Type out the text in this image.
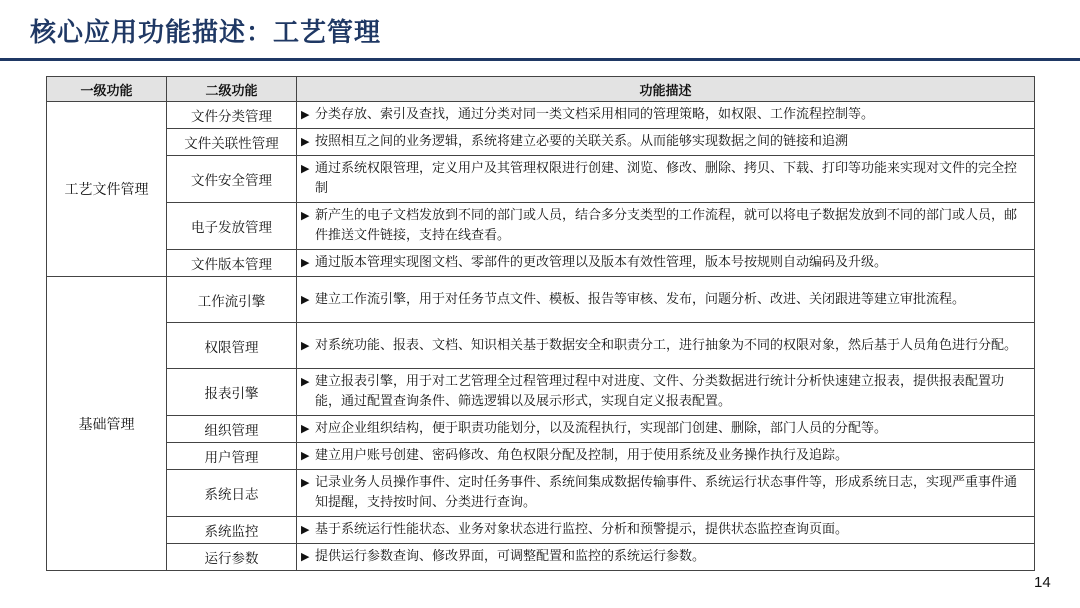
核心应用功能描述：工艺管理
一级功能	二级功能	功能描述
工艺文件管理	文件分类管理	▶ 分类存放、索引及查找，通过分类对同一类文档采用相同的管理策略，如权限、工作流程控制等。

	文件关联性管理	▶ 按照相互之间的业务逻辑，系统将建立必要的关联关系。从而能够实现数据之间的链接和追溯

	文件安全管理	▶ 通过系统权限管理，定义用户及其管理权限进行创建、浏览、修改、删除、拷贝、下载、打印等功能来实现对文件的完全控制

	电子发放管理	▶ 新产生的电子文档发放到不同的部门或人员，结合多分支类型的工作流程，就可以将电子数据发放到不同的部门或人员，邮件推送文件链接，支持在线查看。

	文件版本管理	▶ 通过版本管理实现图文档、零部件的更改管理以及版本有效性管理，版本号按规则自动编码及升级。

基础管理	工作流引擎	▶ 建立工作流引擎，用于对任务节点文件、模板、报告等审核、发布，问题分析、改进、关闭跟进等建立审批流程。

	权限管理	▶ 对系统功能、报表、文档、知识相关基于数据安全和职责分工，进行抽象为不同的权限对象，然后基于人员角色进行分配。

	报表引擎	▶ 建立报表引擎，用于对工艺管理全过程管理过程中对进度、文件、分类数据进行统计分析快速建立报表，提供报表配置功能，通过配置查询条件、筛选逻辑以及展示形式，实现自定义报表配置。

	组织管理	▶ 对应企业组织结构，便于职责功能划分，以及流程执行，实现部门创建、删除，部门人员的分配等。

	用户管理	▶ 建立用户账号创建、密码修改、角色权限分配及控制，用于使用系统及业务操作执行及追踪。

	系统日志	▶ 记录业务人员操作事件、定时任务事件、系统间集成数据传输事件、系统运行状态事件等，形成系统日志，实现严重事件通知提醒，支持按时间、分类进行查询。

	系统监控	▶ 基于系统运行性能状态、业务对象状态进行监控、分析和预警提示，提供状态监控查询页面。

	运行参数	▶ 提供运行参数查询、修改界面，可调整配置和监控的系统运行参数。
14
